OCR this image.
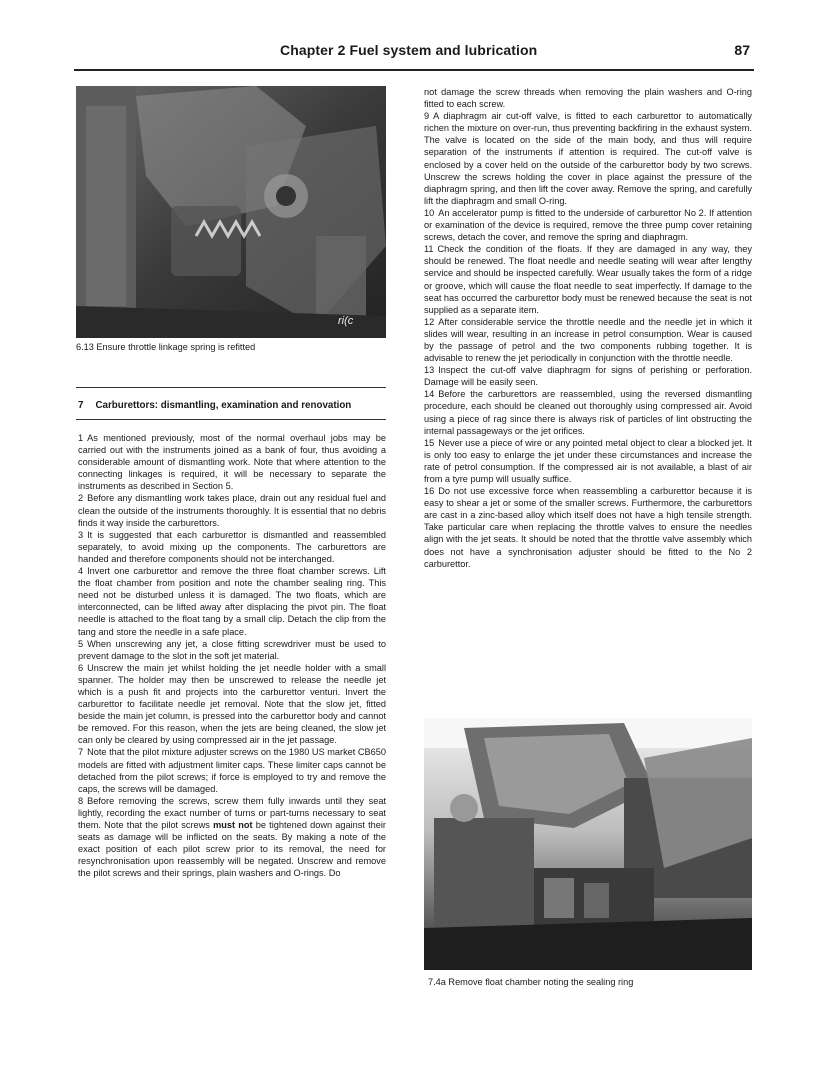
Chapter 2 Fuel system and lubrication	87
ri(c
6.13 Ensure throttle linkage spring is refitted
7 Carburettors: dismantling, examination and renovation

1 As mentioned previously, most of the normal overhaul jobs may be carried out with the instruments joined as a bank of four, thus avoiding a considerable amount of dismantling work. Note that where attention to the connecting linkages is required, it will be necessary to separate the instruments as described in Section 5.

2 Before any dismantling work takes place, drain out any residual fuel and clean the outside of the instruments thoroughly. It is essential that no debris finds it way inside the carburettors.

3 It is suggested that each carburettor is dismantled and reassembled separately, to avoid mixing up the components. The carburettors are handed and therefore components should not be interchanged.

4 Invert one carburettor and remove the three float chamber screws. Lift the float chamber from position and note the chamber sealing ring. This need not be disturbed unless it is damaged. The two floats, which are interconnected, can be lifted away after displacing the pivot pin. The float needle is attached to the float tang by a small clip. Detach the clip from the tang and store the needle in a safe place.

5 When unscrewing any jet, a close fitting screwdriver must be used to prevent damage to the slot in the soft jet material.

6 Unscrew the main jet whilst holding the jet needle holder with a small spanner. The holder may then be unscrewed to release the needle jet which is a push fit and projects into the carburettor venturi. Invert the carburettor to facilitate needle jet removal. Note that the slow jet, fitted beside the main jet column, is pressed into the carburettor body and cannot be removed. For this reason, when the jets are being cleaned, the slow jet can only be cleared by using compressed air in the jet passage.

7 Note that the pilot mixture adjuster screws on the 1980 US market CB650 models are fitted with adjustment limiter caps. These limiter caps cannot be detached from the pilot screws; if force is employed to try and remove the caps, the screws will be damaged.

8 Before removing the screws, screw them fully inwards until they seat lightly, recording the exact number of turns or part-turns necessary to seat them. Note that the pilot screws must not be tightened down against their seats as damage will be inflicted on the seats. By making a note of the exact position of each pilot screw prior to its removal, the need for resynchronisation upon reassembly will be negated. Unscrew and remove the pilot screws and their springs, plain washers and O-rings. Do

not damage the screw threads when removing the plain washers and O-ring fitted to each screw.

9 A diaphragm air cut-off valve, is fitted to each carburettor to automatically richen the mixture on over-run, thus preventing backfiring in the exhaust system. The valve is located on the side of the main body, and thus will require separation of the instruments if attention is required. The cut-off valve is enclosed by a cover held on the outside of the carburettor body by two screws. Unscrew the screws holding the cover in place against the pressure of the diaphragm spring, and then lift the cover away. Remove the spring, and carefully lift the diaphragm and small O-ring.

10 An accelerator pump is fitted to the underside of carburettor No 2. If attention or examination of the device is required, remove the three pump cover retaining screws, detach the cover, and remove the spring and diaphragm.

11 Check the condition of the floats. If they are damaged in any way, they should be renewed. The float needle and needle seating will wear after lengthy service and should be inspected carefully. Wear usually takes the form of a ridge or groove, which will cause the float needle to seat imperfectly. If damage to the seat has occurred the carburettor body must be renewed because the seat is not supplied as a separate item.

12 After considerable service the throttle needle and the needle jet in which it slides will wear, resulting in an increase in petrol consumption. Wear is caused by the passage of petrol and the two components rubbing together. It is advisable to renew the jet periodically in conjunction with the throttle needle.

13 Inspect the cut-off valve diaphragm for signs of perishing or perforation. Damage will be easily seen.

14 Before the carburettors are reassembled, using the reversed dismantling procedure, each should be cleaned out thoroughly using compressed air. Avoid using a piece of rag since there is always risk of particles of lint obstructing the internal passageways or the jet orifices.

15 Never use a piece of wire or any pointed metal object to clear a blocked jet. It is only too easy to enlarge the jet under these circumstances and increase the rate of petrol consumption. If the compressed air is not available, a blast of air from a tyre pump will usually suffice.

16 Do not use excessive force when reassembling a carburettor because it is easy to shear a jet or some of the smaller screws. Furthermore, the carburettors are cast in a zinc-based alloy which itself does not have a high tensile strength. Take particular care when replacing the throttle valves to ensure the needles align with the jet seats. It should be noted that the throttle valve assembly which does not have a synchronisation adjuster should be fitted to the No 2 carburettor.

7.4a Remove float chamber noting the sealing ring
